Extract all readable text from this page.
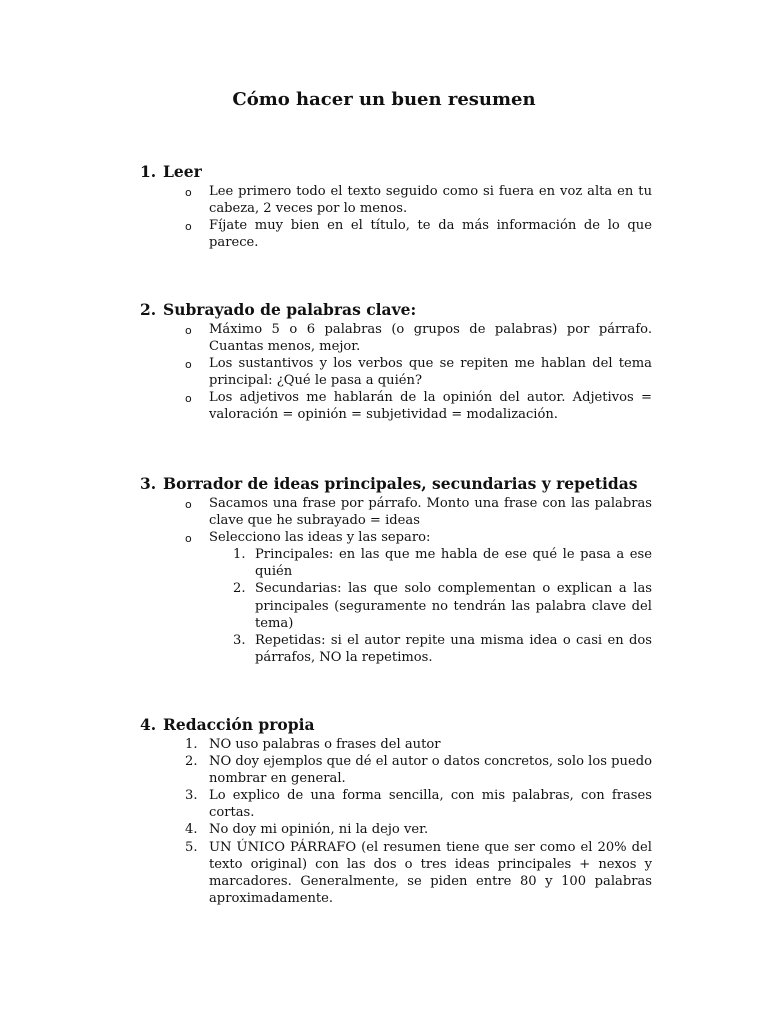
Cómo hacer un buen resumen

1. Leer

o Lee primero todo el texto seguido como si fuera en voz alta en tu cabeza, 2 veces por lo menos.
o Fíjate muy bien en el título, te da más información de lo que parece.

2. Subrayado de palabras clave:

o Máximo 5 o 6 palabras (o grupos de palabras) por párrafo. Cuantas menos, mejor.
o Los sustantivos y los verbos que se repiten me hablan del tema principal: ¿Qué le pasa a quién?
o Los adjetivos me hablarán de la opinión del autor. Adjetivos = valoración = opinión = subjetividad = modalización.

3. Borrador de ideas principales, secundarias y repetidas

o Sacamos una frase por párrafo. Monto una frase con las palabras clave que he subrayado = ideas
o Selecciono las ideas y las separo:
1. Principales: en las que me habla de ese qué le pasa a ese quién
2. Secundarias: las que solo complementan o explican a las principales (seguramente no tendrán las palabra clave del tema)
3. Repetidas: si el autor repite una misma idea o casi en dos párrafos, NO la repetimos.

4. Redacción propia

1. NO uso palabras o frases del autor
2. NO doy ejemplos que dé el autor o datos concretos, solo los puedo nombrar en general.
3. Lo explico de una forma sencilla, con mis palabras, con frases cortas.
4. No doy mi opinión, ni la dejo ver.
5. UN ÚNICO PÁRRAFO (el resumen tiene que ser como el 20% del texto original) con las dos o tres ideas principales + nexos y marcadores. Generalmente, se piden entre 80 y 100 palabras aproximadamente.
